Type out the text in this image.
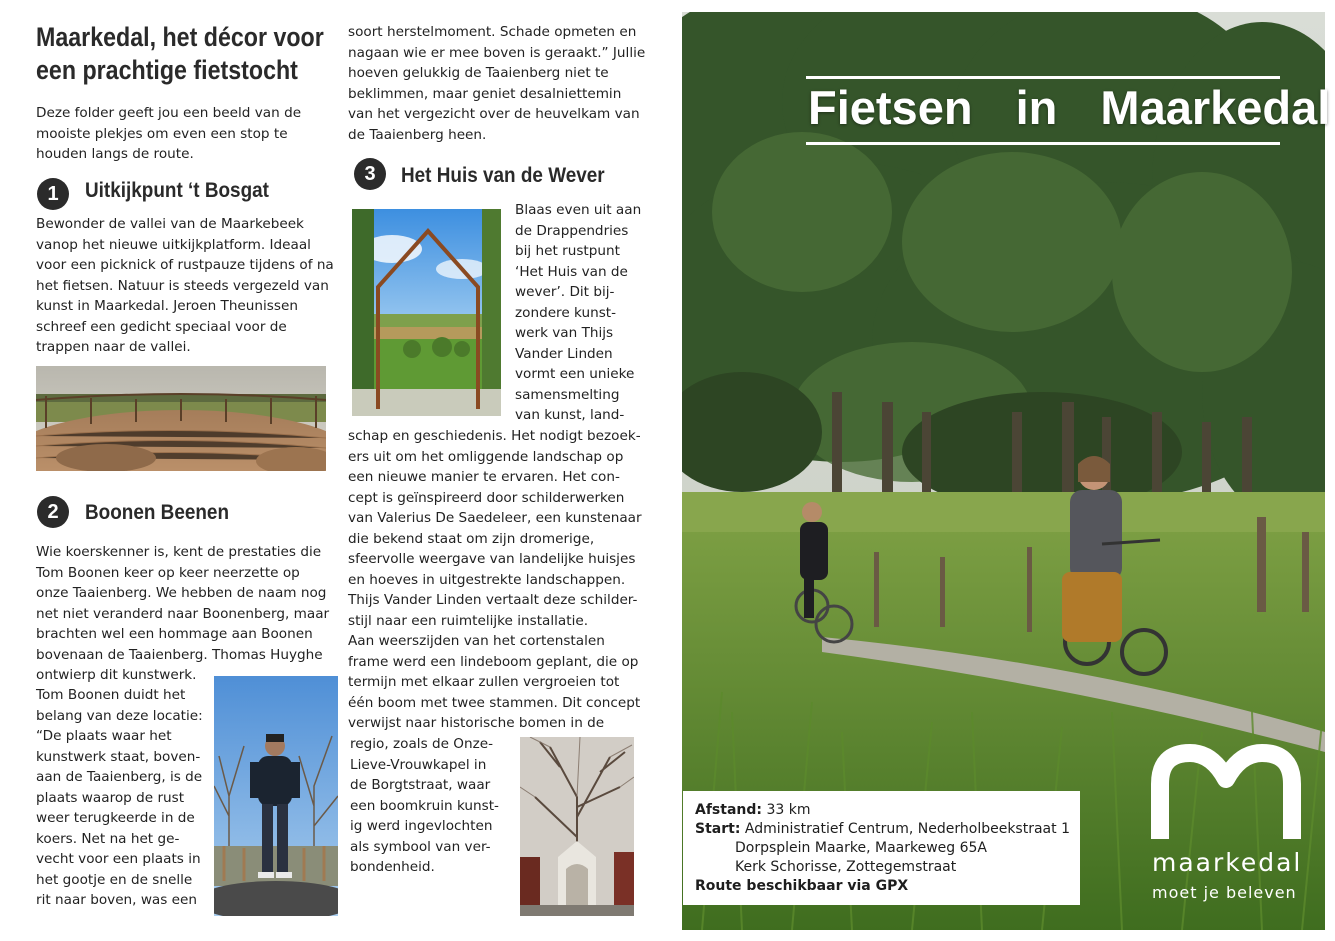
Maarkedal, het décor voor
een prachtige fietstocht
Deze folder geeft jou een beeld van de
mooiste plekjes om even een stop te
houden langs de route.
1	Uitkijkpunt ‘t Bosgat
Bewonder de vallei van de Maarkebeek
vanop het nieuwe uitkijkplatform. Ideaal
voor een picknick of rustpauze tijdens of na
het fietsen. Natuur is steeds vergezeld van
kunst in Maarkedal. Jeroen Theunissen
schreef een gedicht speciaal voor de
trappen naar de vallei.
2	Boonen Beenen
Wie koerskenner is, kent de prestaties die
Tom Boonen keer op keer neerzette op
onze Taaienberg. We hebben de naam nog
net niet veranderd naar Boonenberg, maar
brachten wel een hommage aan Boonen
bovenaan de Taaienberg. Thomas Huyghe
ontwierp dit kunstwerk.
Tom Boonen duidt het
belang van deze locatie:
“De plaats waar het
kunstwerk staat, boven-
aan de Taaienberg, is de
plaats waarop de rust
weer terugkeerde in de
koers. Net na het ge-
vecht voor een plaats in
het gootje en de snelle
rit naar boven, was een
soort herstelmoment. Schade opmeten en
nagaan wie er mee boven is geraakt.” Jullie
hoeven gelukkig de Taaienberg niet te
beklimmen, maar geniet desalniettemin
van het vergezicht over de heuvelkam van
de Taaienberg heen.
3	Het Huis van de Wever
Blaas even uit aan
de Drappendries
bij het rustpunt
‘Het Huis van de
wever’. Dit bij-
zondere kunst-
werk van Thijs
Vander Linden
vormt een unieke
samensmelting
van kunst, land-
schap en geschiedenis. Het nodigt bezoek-
ers uit om het omliggende landschap op
een nieuwe manier te ervaren. Het con-
cept is geïnspireerd door schilderwerken
van Valerius De Saedeleer, een kunstenaar
die bekend staat om zijn dromerige,
sfeervolle weergave van landelijke huisjes
en hoeves in uitgestrekte landschappen.
Thijs Vander Linden vertaalt deze schilder-
stijl naar een ruimtelijke installatie.
Aan weerszijden van het cortenstalen
frame werd een lindeboom geplant, die op
termijn met elkaar zullen vergroeien tot
één boom met twee stammen. Dit concept
verwijst naar historische bomen in de
regio, zoals de Onze-
Lieve-Vrouwkapel in
de Borgtstraat, waar
een boomkruin kunst-
ig werd ingevlochten
als symbool van ver-
bondenheid.
Fietsen in Maarkedal
Afstand: 33 km
Start: Administratief Centrum, Nederholbeekstraat 1
Dorpsplein Maarke, Maarkeweg 65A
Kerk Schorisse, Zottegemstraat
Route beschikbaar via GPX
maarkedal
moet je beleven
